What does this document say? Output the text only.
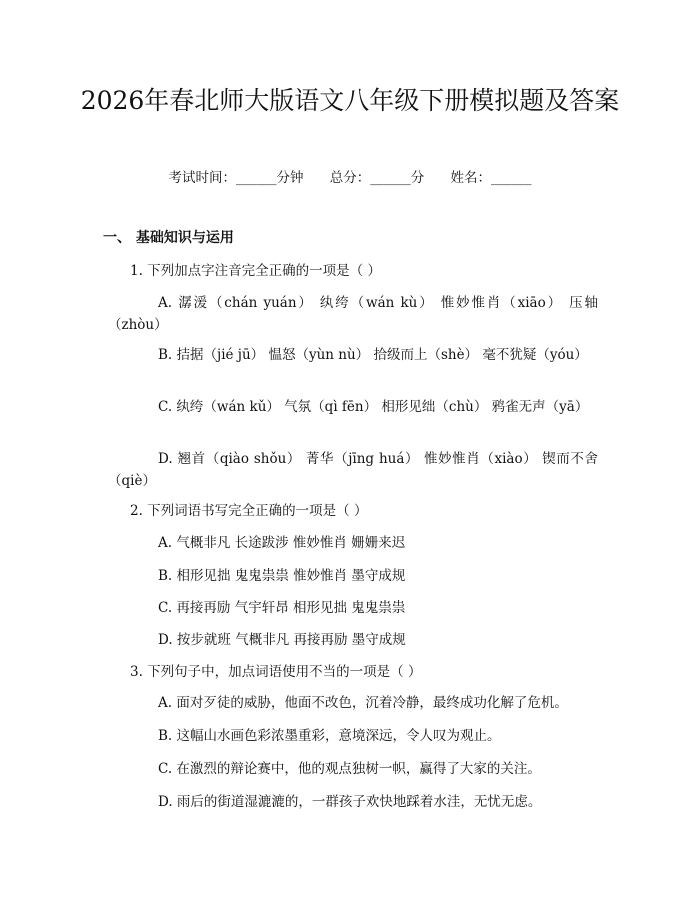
2026年春北师大版语文八年级下册模拟题及答案
考试时间：______分钟 总分：______分 姓名：______
一、 基础知识与运用
1. 下列加点字注音完全正确的一项是（ ）
A. 潺湲（chán yuán） 纨绔（wán kù） 惟妙惟肖（xiāo） 压轴（zhòu）
B. 拮据（jié jū） 愠怒（yùn nù） 拾级而上（shè） 毫不犹疑（yóu）
C. 纨绔（wán kǔ） 气氛（qì fēn） 相形见绌（chù） 鸦雀无声（yā）
D. 翘首（qiào shǒu） 菁华（jīng huá） 惟妙惟肖（xiào） 锲而不舍（qiè）
2. 下列词语书写完全正确的一项是（ ）
A. 气概非凡 长途跋涉 惟妙惟肖 姗姗来迟
B. 相形见拙 鬼鬼祟祟 惟妙惟肖 墨守成规
C. 再接再励 气宇轩昂 相形见拙 鬼鬼祟祟
D. 按步就班 气概非凡 再接再励 墨守成规
3. 下列句子中，加点词语使用不当的一项是（ ）
A. 面对歹徒的威胁，他面不改色，沉着冷静，最终成功化解了危机。
B. 这幅山水画色彩浓墨重彩，意境深远，令人叹为观止。
C. 在激烈的辩论赛中，他的观点独树一帜，赢得了大家的关注。
D. 雨后的街道湿漉漉的，一群孩子欢快地踩着水洼，无忧无虑。
